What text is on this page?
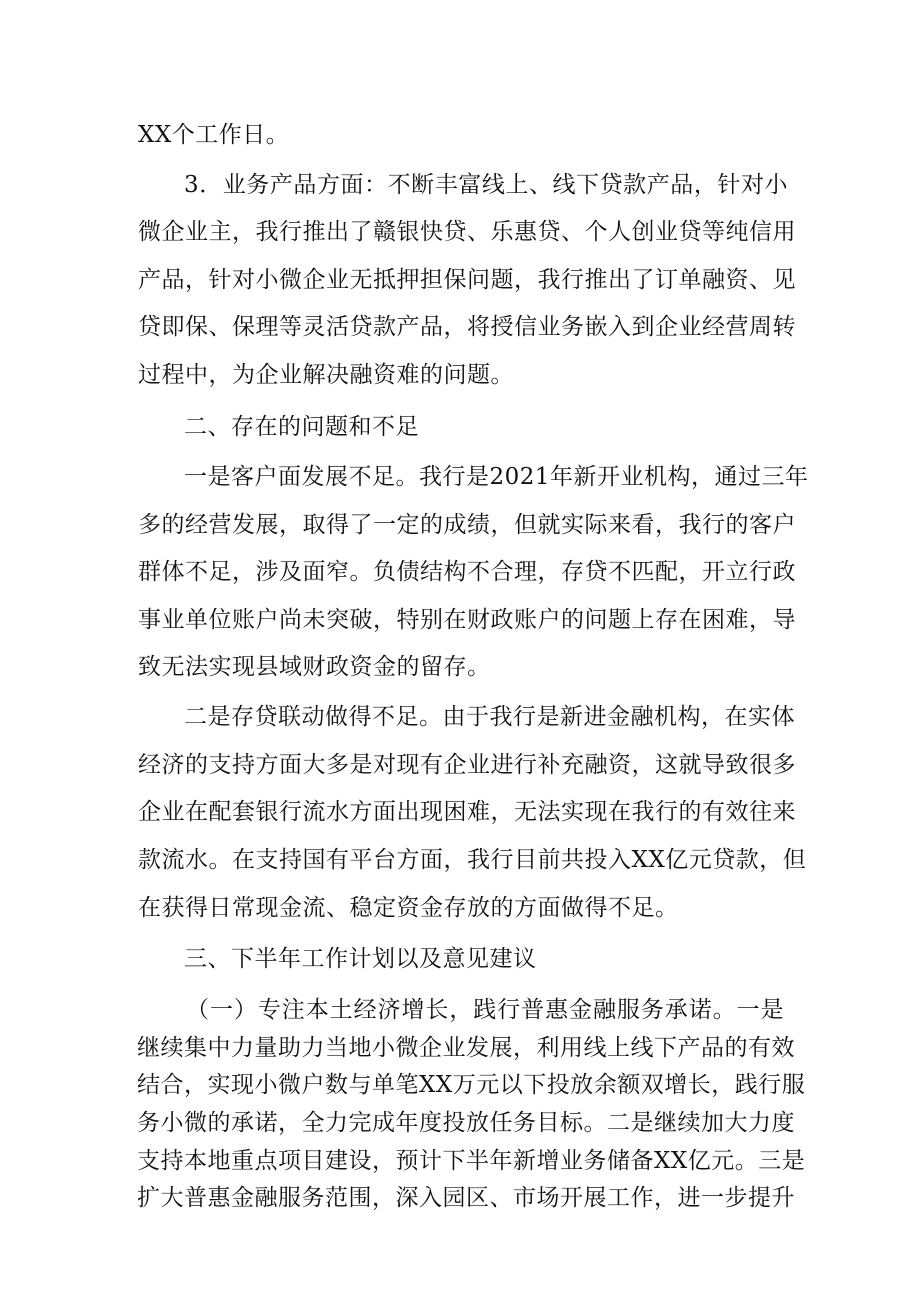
XX个工作日。
3．业务产品方面：不断丰富线上、线下贷款产品，针对小
微企业主，我行推出了赣银快贷、乐惠贷、个人创业贷等纯信用
产品，针对小微企业无抵押担保问题，我行推出了订单融资、见
贷即保、保理等灵活贷款产品，将授信业务嵌入到企业经营周转
过程中，为企业解决融资难的问题。
二、存在的问题和不足
一是客户面发展不足。我行是2021年新开业机构，通过三年
多的经营发展，取得了一定的成绩，但就实际来看，我行的客户
群体不足，涉及面窄。负债结构不合理，存贷不匹配，开立行政
事业单位账户尚未突破，特别在财政账户的问题上存在困难，导
致无法实现县域财政资金的留存。
二是存贷联动做得不足。由于我行是新进金融机构，在实体
经济的支持方面大多是对现有企业进行补充融资，这就导致很多
企业在配套银行流水方面出现困难，无法实现在我行的有效往来
款流水。在支持国有平台方面，我行目前共投入XX亿元贷款，但
在获得日常现金流、稳定资金存放的方面做得不足。
三、下半年工作计划以及意见建议
（一）专注本土经济增长，践行普惠金融服务承诺。一是
继续集中力量助力当地小微企业发展，利用线上线下产品的有效
结合，实现小微户数与单笔XX万元以下投放余额双增长，践行服
务小微的承诺，全力完成年度投放任务目标。二是继续加大力度
支持本地重点项目建设，预计下半年新增业务储备XX亿元。三是
扩大普惠金融服务范围，深入园区、市场开展工作，进一步提升
